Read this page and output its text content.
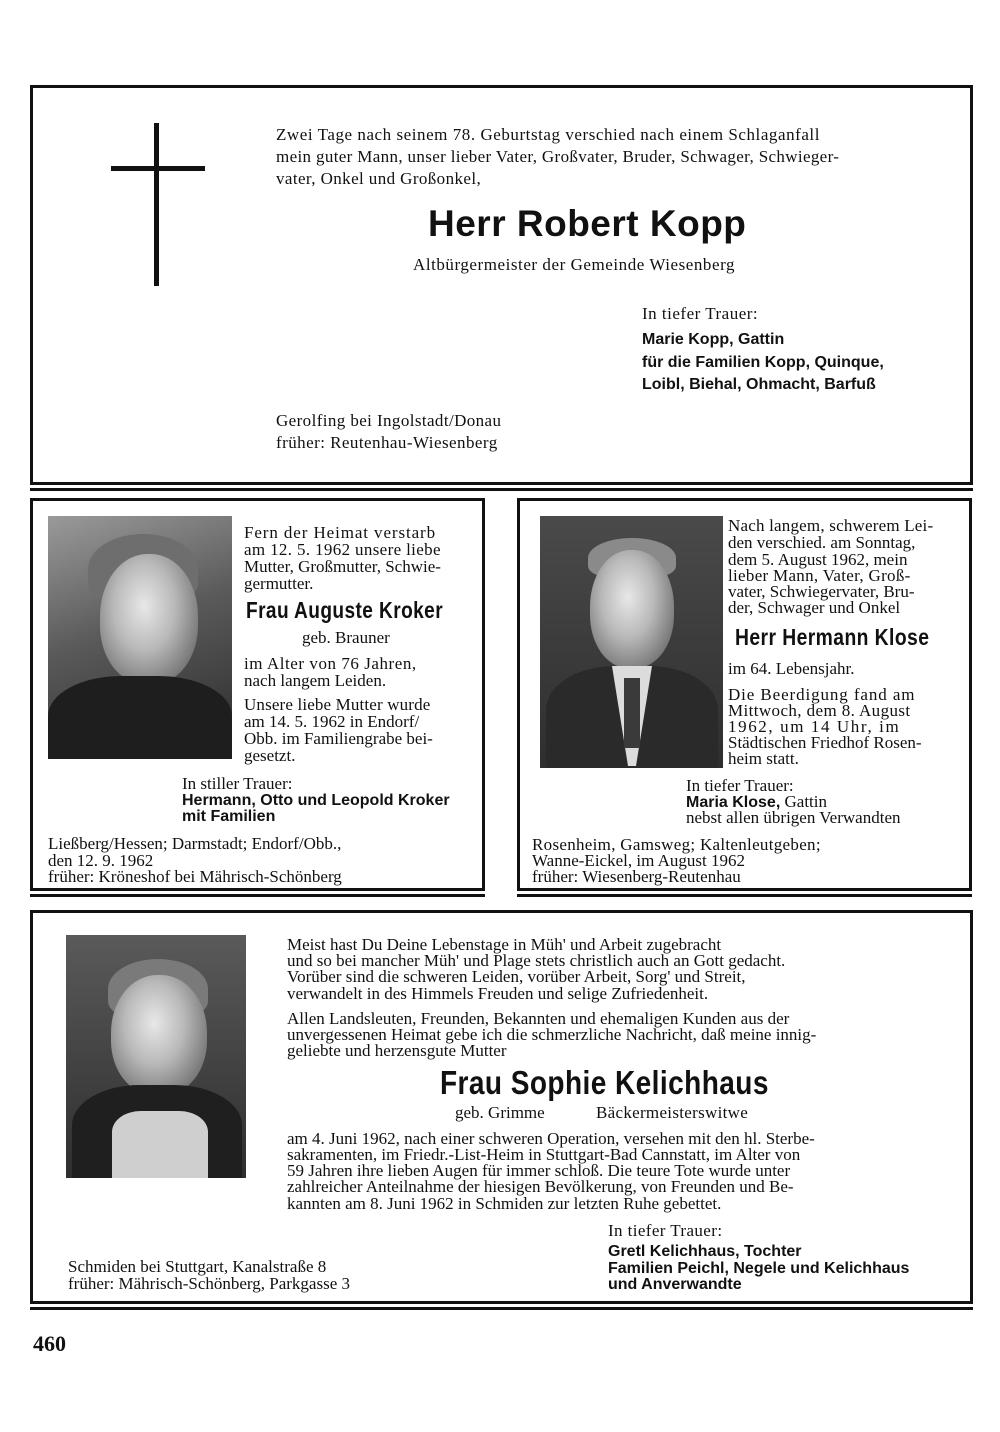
Zwei Tage nach seinem 78. Geburtstag verschied nach einem Schlaganfall
mein guter Mann, unser lieber Vater, Großvater, Bruder, Schwager, Schwieger-
vater, Onkel und Großonkel,
Herr Robert Kopp
Altbürgermeister der Gemeinde Wiesenberg
In tiefer Trauer:
Marie Kopp, Gattin
für die Familien Kopp, Quinque,
Loibl, Biehal, Ohmacht, Barfuß
Gerolfing bei Ingolstadt/Donau
früher: Reutenhau-Wiesenberg
Fern der Heimat verstarb
am 12. 5. 1962 unsere liebe
Mutter, Großmutter, Schwie-
germutter.
Frau Auguste Kroker
geb. Brauner
im Alter von 76 Jahren,
nach langem Leiden.
Unsere liebe Mutter wurde
am 14. 5. 1962 in Endorf/
Obb. im Familiengrabe bei-
gesetzt.
In stiller Trauer:
Hermann, Otto und Leopold Kroker
mit Familien
Ließberg/Hessen; Darmstadt; Endorf/Obb.,
den 12. 9. 1962
früher: Kröneshof bei Mährisch-Schönberg
Nach langem, schwerem Lei-
den verschied. am Sonntag,
dem 5. August 1962, mein
lieber Mann, Vater, Groß-
vater, Schwiegervater, Bru-
der, Schwager und Onkel
Herr Hermann Klose
im 64. Lebensjahr.
Die Beerdigung fand am
Mittwoch, dem 8. August
1962, um 14 Uhr, im
Städtischen Friedhof Rosen-
heim statt.
In tiefer Trauer:
Maria Klose, Gattin
nebst allen übrigen Verwandten
Rosenheim, Gamsweg; Kaltenleutgeben;
Wanne-Eickel, im August 1962
früher: Wiesenberg-Reutenhau
Meist hast Du Deine Lebenstage in Müh' und Arbeit zugebracht
und so bei mancher Müh' und Plage stets christlich auch an Gott gedacht.
Vorüber sind die schweren Leiden, vorüber Arbeit, Sorg' und Streit,
verwandelt in des Himmels Freuden und selige Zufriedenheit.
Allen Landsleuten, Freunden, Bekannten und ehemaligen Kunden aus der
unvergessenen Heimat gebe ich die schmerzliche Nachricht, daß meine innig-
geliebte und herzensgute Mutter
Frau Sophie Kelichhaus
geb. Grimme	Bäckermeisterswitwe
am 4. Juni 1962, nach einer schweren Operation, versehen mit den hl. Sterbe-
sakramenten, im Friedr.-List-Heim in Stuttgart-Bad Cannstatt, im Alter von
59 Jahren ihre lieben Augen für immer schloß. Die teure Tote wurde unter
zahlreicher Anteilnahme der hiesigen Bevölkerung, von Freunden und Be-
kannten am 8. Juni 1962 in Schmiden zur letzten Ruhe gebettet.
In tiefer Trauer:
Gretl Kelichhaus, Tochter
Familien Peichl, Negele und Kelichhaus
und Anverwandte
Schmiden bei Stuttgart, Kanalstraße 8
früher: Mährisch-Schönberg, Parkgasse 3
460
